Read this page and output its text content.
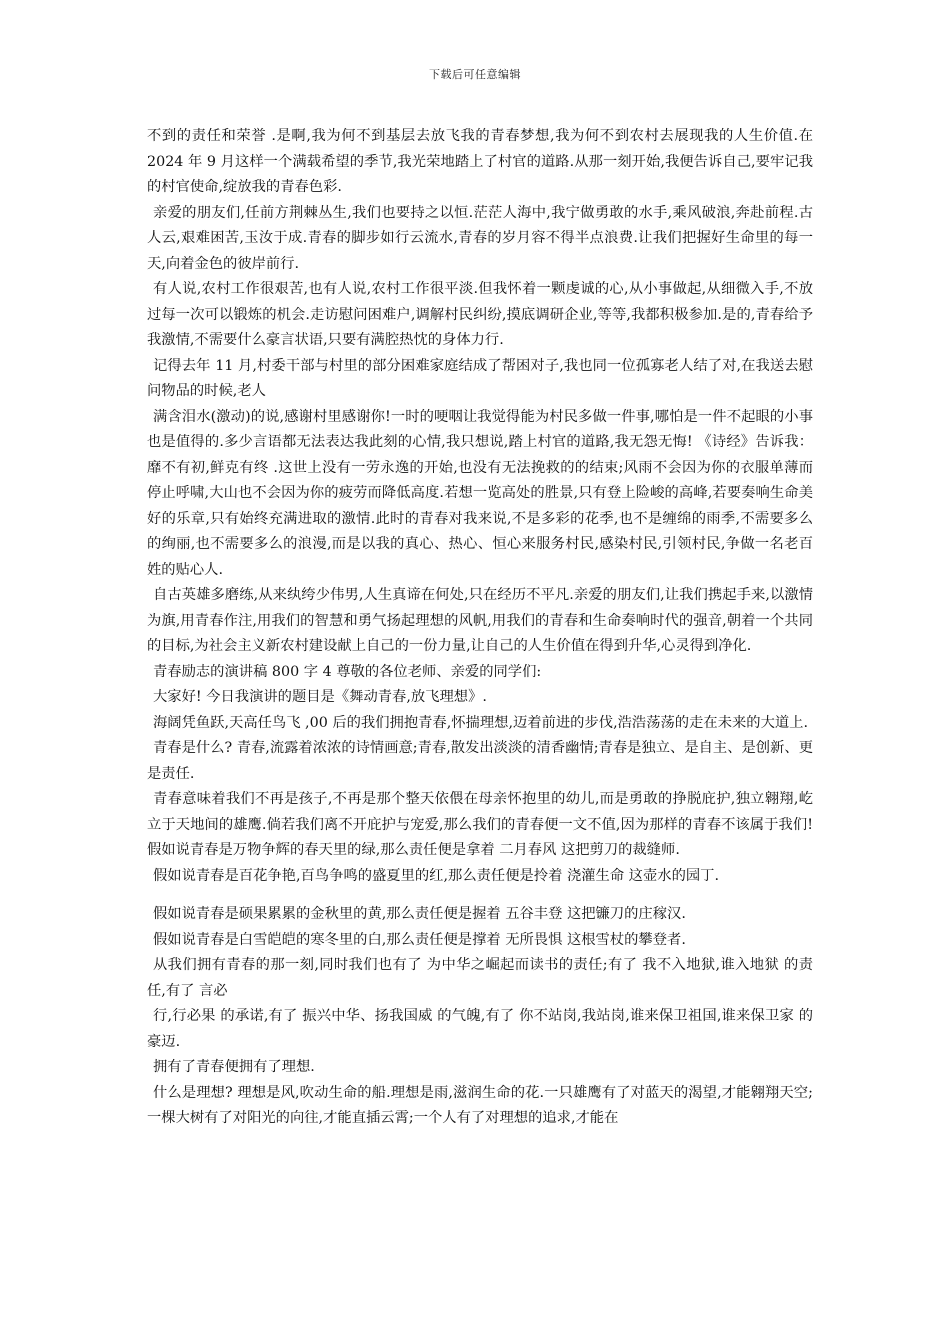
下载后可任意编辑

不到的责任和荣誉 .是啊,我为何不到基层去放飞我的青春梦想,我为何不到农村去展现我的人生价值.在 2024 年 9 月这样一个满载希望的季节,我光荣地踏上了村官的道路.从那一刻开始,我便告诉自己,要牢记我的村官使命,绽放我的青春色彩.

亲爱的朋友们,任前方荆棘丛生,我们也要持之以恒.茫茫人海中,我宁做勇敢的水手,乘风破浪,奔赴前程.古人云,艰难困苦,玉汝于成.青春的脚步如行云流水,青春的岁月容不得半点浪费.让我们把握好生命里的每一天,向着金色的彼岸前行.

有人说,农村工作很艰苦,也有人说,农村工作很平淡.但我怀着一颗虔诚的心,从小事做起,从细微入手,不放过每一次可以锻炼的机会.走访慰问困难户,调解村民纠纷,摸底调研企业,等等,我都积极参加.是的,青春给予我激情,不需要什么豪言状语,只要有满腔热忱的身体力行.

记得去年 11 月,村委干部与村里的部分困难家庭结成了帮困对子,我也同一位孤寡老人结了对,在我送去慰问物品的时候,老人

满含泪水(激动)的说,感谢村里感谢你!一时的哽咽让我觉得能为村民多做一件事,哪怕是一件不起眼的小事也是值得的.多少言语都无法表达我此刻的心情,我只想说,踏上村官的道路,我无怨无悔! 《诗经》告诉我： 靡不有初,鲜克有终 .这世上没有一劳永逸的开始,也没有无法挽救的的结束;风雨不会因为你的衣服单薄而停止呼啸,大山也不会因为你的疲劳而降低高度.若想一览高处的胜景,只有登上险峻的高峰,若要奏响生命美好的乐章,只有始终充满进取的激情.此时的青春对我来说,不是多彩的花季,也不是缠绵的雨季,不需要多么的绚丽,也不需要多么的浪漫,而是以我的真心、热心、恒心来服务村民,感染村民,引领村民,争做一名老百姓的贴心人.

自古英雄多磨练,从来纨绔少伟男,人生真谛在何处,只在经历不平凡.亲爱的朋友们,让我们携起手来,以激情为旗,用青春作注,用我们的智慧和勇气扬起理想的风帆,用我们的青春和生命奏响时代的强音,朝着一个共同的目标,为社会主义新农村建设献上自己的一份力量,让自己的人生价值在得到升华,心灵得到净化.

青春励志的演讲稿 800 字 4 尊敬的各位老师、亲爱的同学们:

大家好! 今日我演讲的题目是《舞动青春,放飞理想》.

海阔凭鱼跃,天高任鸟飞 ,00 后的我们拥抱青春,怀揣理想,迈着前进的步伐,浩浩荡荡的走在未来的大道上.

青春是什么? 青春,流露着浓浓的诗情画意;青春,散发出淡淡的清香幽情;青春是独立、是自主、是创新、更是责任.

青春意味着我们不再是孩子,不再是那个整天依偎在母亲怀抱里的幼儿,而是勇敢的挣脱庇护,独立翱翔,屹立于天地间的雄鹰.倘若我们离不开庇护与宠爱,那么我们的青春便一文不值,因为那样的青春不该属于我们!假如说青春是万物争辉的春天里的绿,那么责任便是拿着 二月春风 这把剪刀的裁缝师.

假如说青春是百花争艳,百鸟争鸣的盛夏里的红,那么责任便是拎着 浇灌生命 这壶水的园丁.

假如说青春是硕果累累的金秋里的黄,那么责任便是握着 五谷丰登 这把镰刀的庄稼汉.

假如说青春是白雪皑皑的寒冬里的白,那么责任便是撑着 无所畏惧 这根雪杖的攀登者.

从我们拥有青春的那一刻,同时我们也有了 为中华之崛起而读书的责任;有了 我不入地狱,谁入地狱 的责任,有了 言必

行,行必果 的承诺,有了 振兴中华、扬我国威 的气魄,有了 你不站岗,我站岗,谁来保卫祖国,谁来保卫家 的豪迈.

拥有了青春便拥有了理想.

什么是理想? 理想是风,吹动生命的船.理想是雨,滋润生命的花.一只雄鹰有了对蓝天的渴望,才能翱翔天空;一棵大树有了对阳光的向往,才能直插云霄;一个人有了对理想的追求,才能在
